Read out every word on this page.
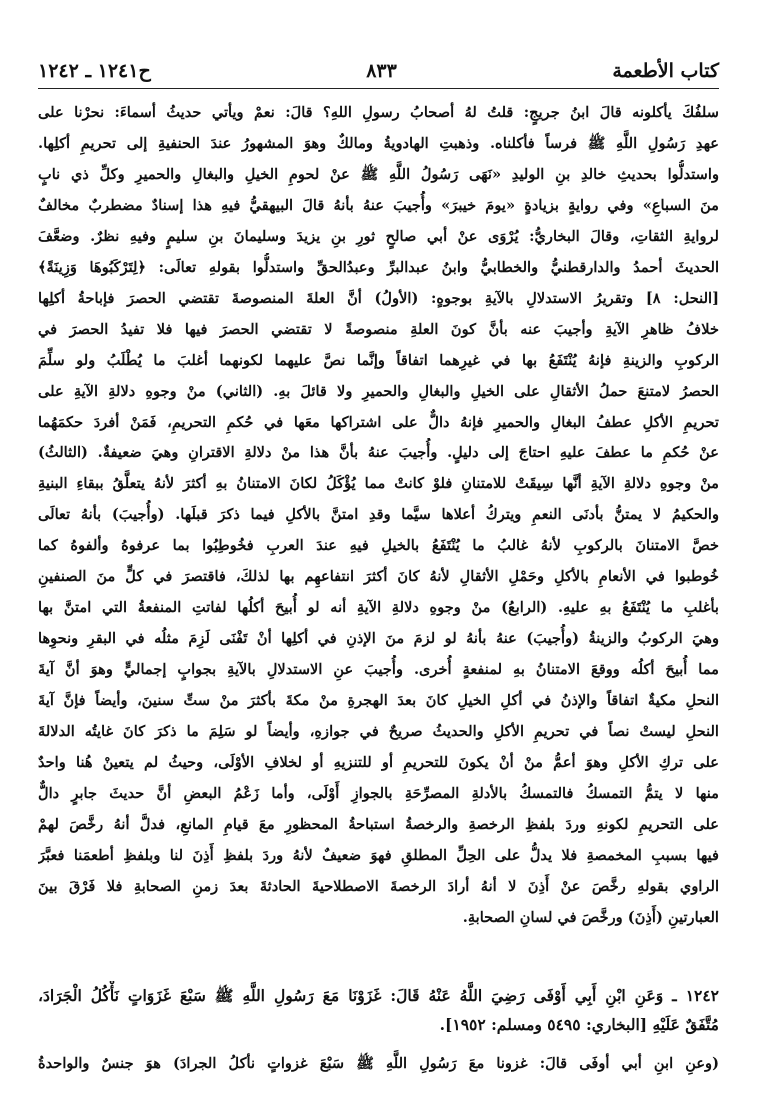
كتاب الأطعمة
٨٣٣
ح١٢٤١ ـ ١٢٤٢
سلفُكَ يأكلونه قالَ ابنُ جريجٍ: قلتُ لهُ أصحابُ رسولِ اللهِ؟ قالَ: نعمْ ويأتي حديثُ أسماءَ: نحرْنا على
عهدِ رَسُولِ اللَّهِ ﷺ فرساً فأكلناه. وذهبتِ الهادويةُ ومالكٌ وهوَ المشهورُ عندَ الحنفيةِ إلى تحريمِ أكلِها.
واستدلُّوا بحديثِ خالدِ بنِ الوليدِ «نَهَى رَسُولُ اللَّهِ ﷺ عنْ لحومِ الخيلِ والبغالِ والحميرِ وكلِّ ذي نابٍ
منَ السباعِ» وفي روايةٍ بزيادةٍ «يومَ خيبرَ» وأُجيبَ عنهُ بأنهُ قالَ البيهقيُّ فيهِ هذا إسنادٌ مضطربٌ مخالفٌ
لروايةِ الثقاتِ، وقالَ البخاريُّ: يُرْوَى عنْ أبي صالحٍ ثورِ بنِ يزيدَ وسليمانَ بنِ سليمٍ وفيهِ نظرٌ. وضعَّفَ
الحديثَ أحمدُ والدارقطنيُّ والخطابيُّ وابنُ عبدالبرِّ وعبدُالحقِّ واستدلُّوا بقولهِ تعالَى: ﴿لِتَرْكَبُوهَا وَزِينَةً﴾
[النحل: ٨] وتقريرُ الاستدلالِ بالآيةِ بوجوهٍ: (الأولُ) أنَّ العلةَ المنصوصةَ تقتضي الحصرَ فإباحةُ أكلِها
خلافُ ظاهرِ الآيةِ وأجيبَ عنه بأنَّ كونَ العلةِ منصوصةً لا تقتضي الحصرَ فيها فلا تفيدُ الحصرَ في
الركوبِ والزينةِ فإنهُ يُنْتَفَعُ بها في غيرِهما اتفاقاً وإنَّما نصَّ عليهما لكونهما أغلبَ ما يُطْلَبُ ولو سلِّمَ
الحصرُ لامتنعَ حملُ الأثقالِ على الخيلِ والبغالِ والحميرِ ولا قائلَ بهِ. (الثاني) منْ وجوهِ دلالةِ الآيةِ على
تحريمِ الأكلِ عطفُ البغالِ والحميرِ فإنهُ دالٌّ على اشتراكها معَها في حُكمِ التحريمِ، فَمَنْ أفردَ حكمَهُما
عنْ حُكمِ ما عطفَ عليهِ احتاجَ إلى دليلٍ. وأُجيبَ عنهُ بأنَّ هذا منْ دلالةِ الاقترانِ وهيَ ضعيفةٌ. (الثالثُ)
منْ وجوهِ دلالةِ الآيةِ أنَّها سِيقَتْ للامتنانِ فلوْ كانتْ مما يُؤْكَلُ لكانَ الامتنانُ بهِ أكثرَ لأنهُ يتعلَّقُ ببقاءِ البنيةِ
والحكيمُ لا يمتنُّ بأدنَى النعمِ ويتركُ أعلاها سيَّما وقدِ امتنَّ بالأكلِ فيما ذكرَ قبلَها. (وأُجيبَ) بأنهُ تعالَى
خصَّ الامتنانَ بالركوبِ لأنهُ غالبُ ما يُنْتَفَعُ بالخيلِ فيهِ عندَ العربِ فخُوطِبُوا بما عرفوهُ وألفوهُ كما
خُوطبوا في الأنعامِ بالأكلِ وحَمْلِ الأثقالِ لأنهُ كانَ أكثرَ انتفاعهِم بها لذلكَ، فاقتصرَ في كلٍّ منَ الصنفينِ
بأغلبِ ما يُنْتَفَعُ بهِ عليهِ. (الرابعُ) منْ وجوهِ دلالةِ الآيةِ أنه لو أُبيحَ أكلُها لفاتتِ المنفعةُ التي امتنَّ بها
وهيَ الركوبُ والزينةُ (وأُجيبَ) عنهُ بأنهُ لو لزمَ منَ الإذنِ في أكلِها أنْ تَفْنَى لَزِمَ مثلُه في البقرِ ونحوِها
مما أُبيحَ أكلُه ووقعَ الامتنانُ بهِ لمنفعةٍ أُخرى. وأُجيبَ عنِ الاستدلالِ بالآيةِ بجوابٍ إجماليٍّ وهوَ أنَّ آيةَ
النحلِ مكيةٌ اتفاقاً والإذنُ في أكلِ الخيلِ كانَ بعدَ الهجرةِ منْ مكةَ بأكثرَ منْ ستِّ سنينَ، وأيضاً فإنَّ آيةَ
النحلِ ليستْ نصاً في تحريمِ الأكلِ والحديثُ صريحٌ في جوازهِ، وأيضاً لو سَلِمَ ما ذكرَ كانَ غايتُه الدلالةَ
على تركِ الأكلِ وهوَ أعمُّ منْ أنْ يكونَ للتحريمِ أو للتنزيهِ أو لخلافِ الأوْلَى، وحيثُ لم يتعينْ هُنا واحدٌ
منها لا يتمُّ التمسكُ فالتمسكُ بالأدلةِ المصرِّحَةِ بالجوازِ أَوْلَى، وأما زَعْمُ البعضِ أنَّ حديثَ جابرٍ دالٌّ
على التحريمِ لكونهِ وردَ بلفظِ الرخصةِ والرخصةُ استباحةُ المحظورِ معَ قيامِ المانعِ، فدلَّ أنهُ رخَّصَ لهمْ
فيها بسببِ المخمصةِ فلا يدلُّ على الحِلِّ المطلقِ فهوَ ضعيفٌ لأنهُ وردَ بلفظِ أَذِنَ لنا وبلفظِ أطعمَنا فعبَّرَ
الراوي بقولهِ رخَّصَ عنْ أَذِنَ لا أنهُ أرادَ الرخصةَ الاصطلاحيةَ الحادثةَ بعدَ زمنِ الصحابةِ فلا فَرْقَ بينَ
العبارتينِ (أَذِنَ) ورخَّصَ في لسانِ الصحابةِ.
١٢٤٢ ـ وَعَنِ ابْنِ أَبِي أَوْفَى رَضِيَ اللَّهُ عَنْهُ قَالَ: غَزَوْنَا مَعَ رَسُولِ اللَّهِ ﷺ سَبْعَ غَزَوَاتٍ نَأْكُلُ الْجَرَادَ،
مُتَّفَقٌ عَلَيْهِ [البخاري: ٥٤٩٥ ومسلم: ١٩٥٢].
(وعنِ ابنِ أبي أوفَى قالَ: غزونا معَ رَسُولِ اللَّهِ ﷺ سَبْعَ غزواتٍ نأكلُ الجرادَ) هوَ جنسٌ والواحدةُ
